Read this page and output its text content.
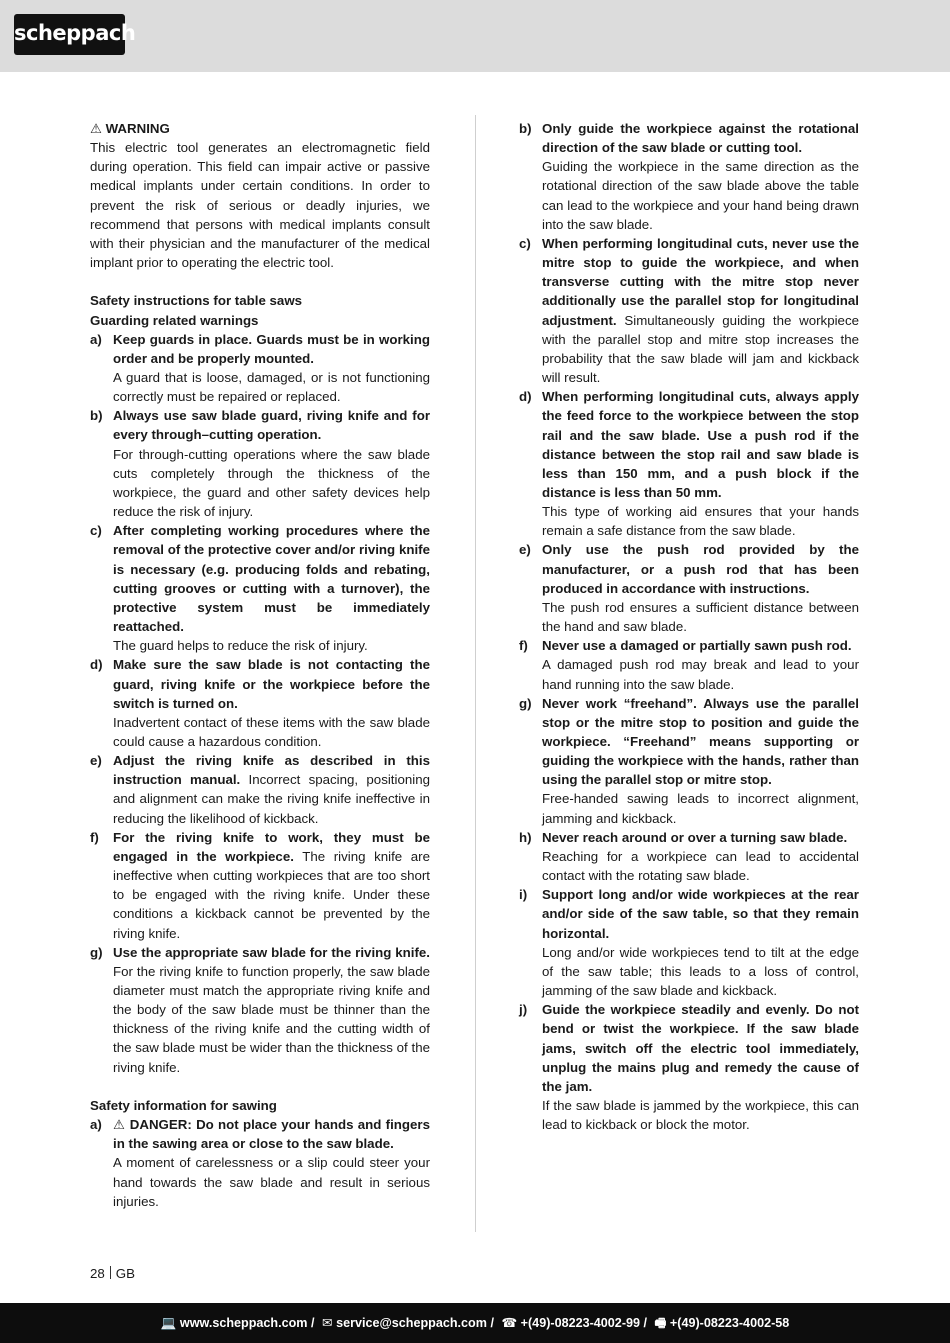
scheppach

⚠ WARNING

This electric tool generates an electromagnetic field during operation. This field can impair active or passive medical implants under certain conditions. In order to prevent the risk of serious or deadly injuries, we recommend that persons with medical implants consult with their physician and the manufacturer of the medical implant prior to operating the electric tool.

Safety instructions for table saws

Guarding related warnings

a) Keep guards in place. Guards must be in working order and be properly mounted.

A guard that is loose, damaged, or is not functioning correctly must be repaired or replaced.

b) Always use saw blade guard, riving knife and for every through–cutting operation.

For through-cutting operations where the saw blade cuts completely through the thickness of the workpiece, the guard and other safety devices help reduce the risk of injury.

c) After completing working procedures where the removal of the protective cover and/or riving knife is necessary (e.g. producing folds and rebating, cutting grooves or cutting with a turnover), the protective system must be immediately reattached.

The guard helps to reduce the risk of injury.

d) Make sure the saw blade is not contacting the guard, riving knife or the workpiece before the switch is turned on.

Inadvertent contact of these items with the saw blade could cause a hazardous condition.

e) Adjust the riving knife as described in this instruction manual. Incorrect spacing, positioning and alignment can make the riving knife ineffective in reducing the likelihood of kickback.

f)	For the riving knife to work, they must be engaged in the workpiece. The riving knife are ineffective when cutting workpieces that are too short to be engaged with the riving knife. Under these conditions a kickback cannot be prevented by the riving knife.

g) Use the appropriate saw blade for the riving knife. For the riving knife to function properly, the saw blade diameter must match the appropriate riving knife and the body of the saw blade must be thinner than the thickness of the riving knife and the cutting width of the saw blade must be wider than the thickness of the riving knife.

Safety information for sawing

a) ⚠ DANGER: Do not place your hands and fingers in the sawing area or close to the saw blade.

A moment of carelessness or a slip could steer your hand towards the saw blade and result in serious injuries.

b) Only guide the workpiece against the rotational direction of the saw blade or cutting tool.

Guiding the workpiece in the same direction as the rotational direction of the saw blade above the table can lead to the workpiece and your hand being drawn into the saw blade.

c) When performing longitudinal cuts, never use the mitre stop to guide the workpiece, and when transverse cutting with the mitre stop never additionally use the parallel stop for longitudinal adjustment. Simultaneously guiding the workpiece with the parallel stop and mitre stop increases the probability that the saw blade will jam and kickback will result.

d) When performing longitudinal cuts, always apply the feed force to the workpiece between the stop rail and the saw blade. Use a push rod if the distance between the stop rail and saw blade is less than 150 mm, and a push block if the distance is less than 50 mm.

This type of working aid ensures that your hands remain a safe distance from the saw blade.

e) Only use the push rod provided by the manufacturer, or a push rod that has been produced in accordance with instructions.

The push rod ensures a sufficient distance between the hand and saw blade.

f)	Never use a damaged or partially sawn push rod.

A damaged push rod may break and lead to your hand running into the saw blade.

g) Never work “freehand”. Always use the parallel stop or the mitre stop to position and guide the workpiece. “Freehand” means supporting or guiding the workpiece with the hands, rather than using the parallel stop or mitre stop.

Free-handed sawing leads to incorrect alignment, jamming and kickback.

h) Never reach around or over a turning saw blade.

Reaching for a workpiece can lead to accidental contact with the rotating saw blade.

i)	Support long and/or wide workpieces at the rear and/or side of the saw table, so that they remain horizontal.

Long and/or wide workpieces tend to tilt at the edge of the saw table; this leads to a loss of control, jamming of the saw blade and kickback.

j)	Guide the workpiece steadily and evenly. Do not bend or twist the workpiece. If the saw blade jams, switch off the electric tool immediately, unplug the mains plug and remedy the cause of the jam.

If the saw blade is jammed by the workpiece, this can lead to kickback or block the motor.

28 GB
💻 www.scheppach.com / ✉ service@scheppach.com / ☎ +(49)-08223-4002-99 / 🖷 +(49)-08223-4002-58
